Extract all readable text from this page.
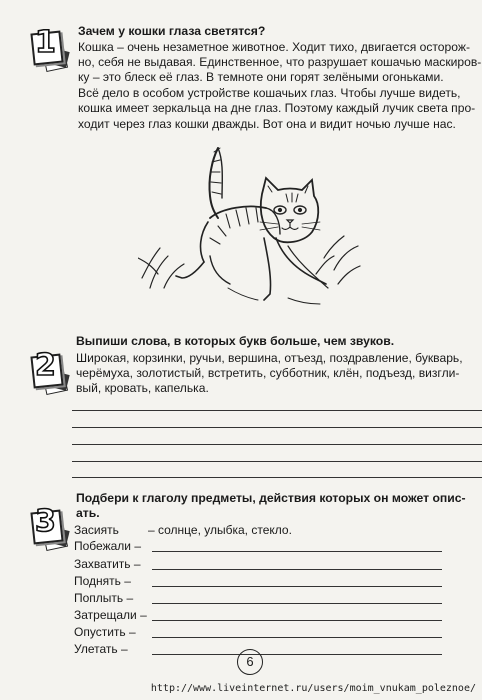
1 Зачем у кошки глаза светятся?
Кошка – очень незаметное животное. Ходит тихо, двигается осторож-
но, себя не выдавая. Единственное, что разрушает кошачью маскиров-
ку – это блеск её глаз. В темноте они горят зелёными огоньками.
Всё дело в особом устройстве кошачьих глаз. Чтобы лучше видеть,
кошка имеет зеркальца на дне глаз. Поэтому каждый лучик света про-
ходит через глаз кошки дважды. Вот она и видит ночью лучше нас.
2
Выпиши слова, в которых букв больше, чем звуков.
Широкая, корзинки, ручьи, вершина, отъезд, поздравление, букварь,
черёмуха, золотистый, встретить, субботник, клён, подъезд, визгли-
вый, кровать, капелька.
3
Подбери к глаголу предметы, действия которых он может опис-
ать.
Засиять – солнце, улыбка, стекло.
Побежали –
Захватить –
Поднять –
Поплыть –
Затрещали –
Опустить –
Улетать –
6
http://www.liveinternet.ru/users/moim_vnukam_poleznoe/
